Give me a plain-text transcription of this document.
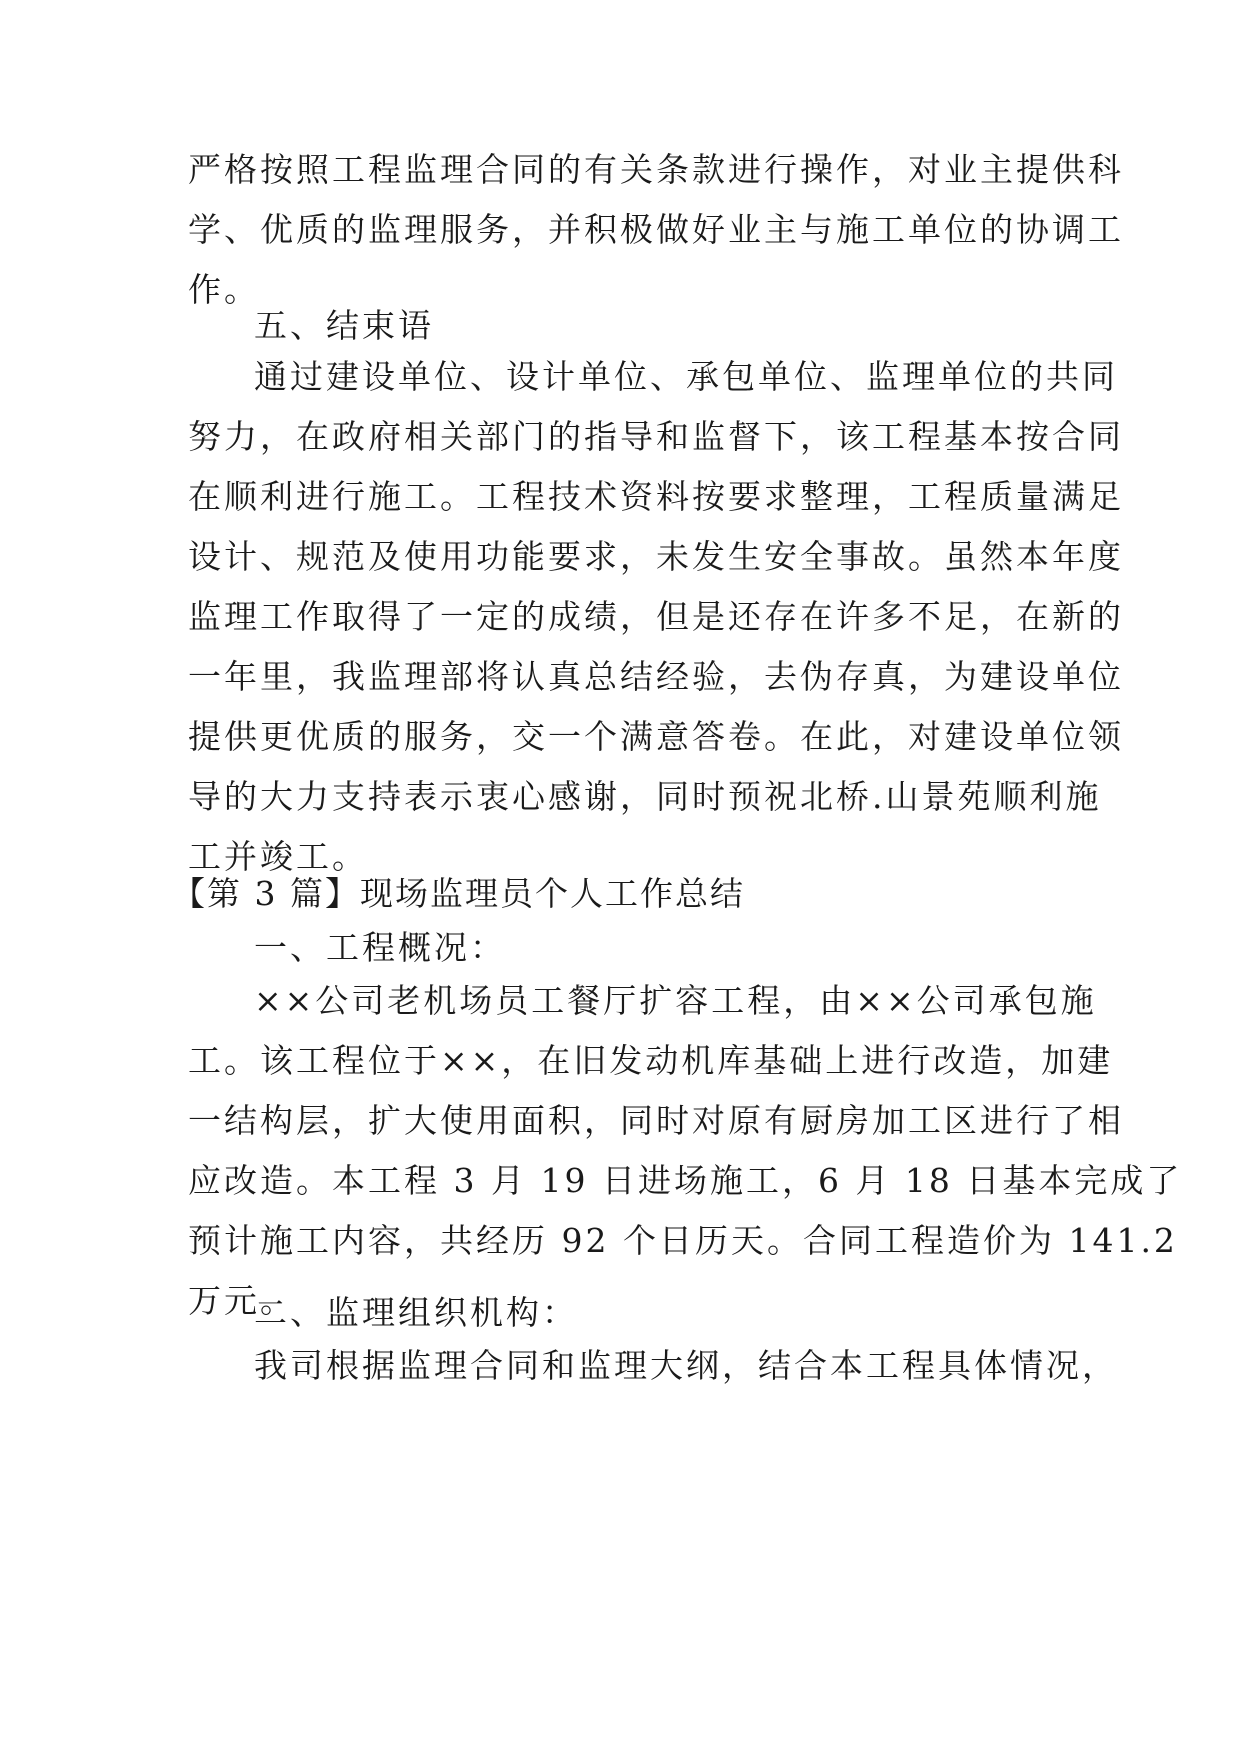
严格按照工程监理合同的有关条款进行操作，对业主提供科
学、优质的监理服务，并积极做好业主与施工单位的协调工
作。
五、结束语
通过建设单位、设计单位、承包单位、监理单位的共同
努力，在政府相关部门的指导和监督下，该工程基本按合同
在顺利进行施工。工程技术资料按要求整理，工程质量满足
设计、规范及使用功能要求，未发生安全事故。虽然本年度
监理工作取得了一定的成绩，但是还存在许多不足，在新的
一年里，我监理部将认真总结经验，去伪存真，为建设单位
提供更优质的服务，交一个满意答卷。在此，对建设单位领
导的大力支持表示衷心感谢，同时预祝北桥.山景苑顺利施
工并竣工。
【第 3 篇】现场监理员个人工作总结
一、工程概况：
××公司老机场员工餐厅扩容工程，由××公司承包施
工。该工程位于××，在旧发动机库基础上进行改造，加建
一结构层，扩大使用面积，同时对原有厨房加工区进行了相
应改造。本工程 3 月 19 日进场施工，6 月 18 日基本完成了
预计施工内容，共经历 92 个日历天。合同工程造价为 141.2
万元。
二、监理组织机构：
我司根据监理合同和监理大纲，结合本工程具体情况，
